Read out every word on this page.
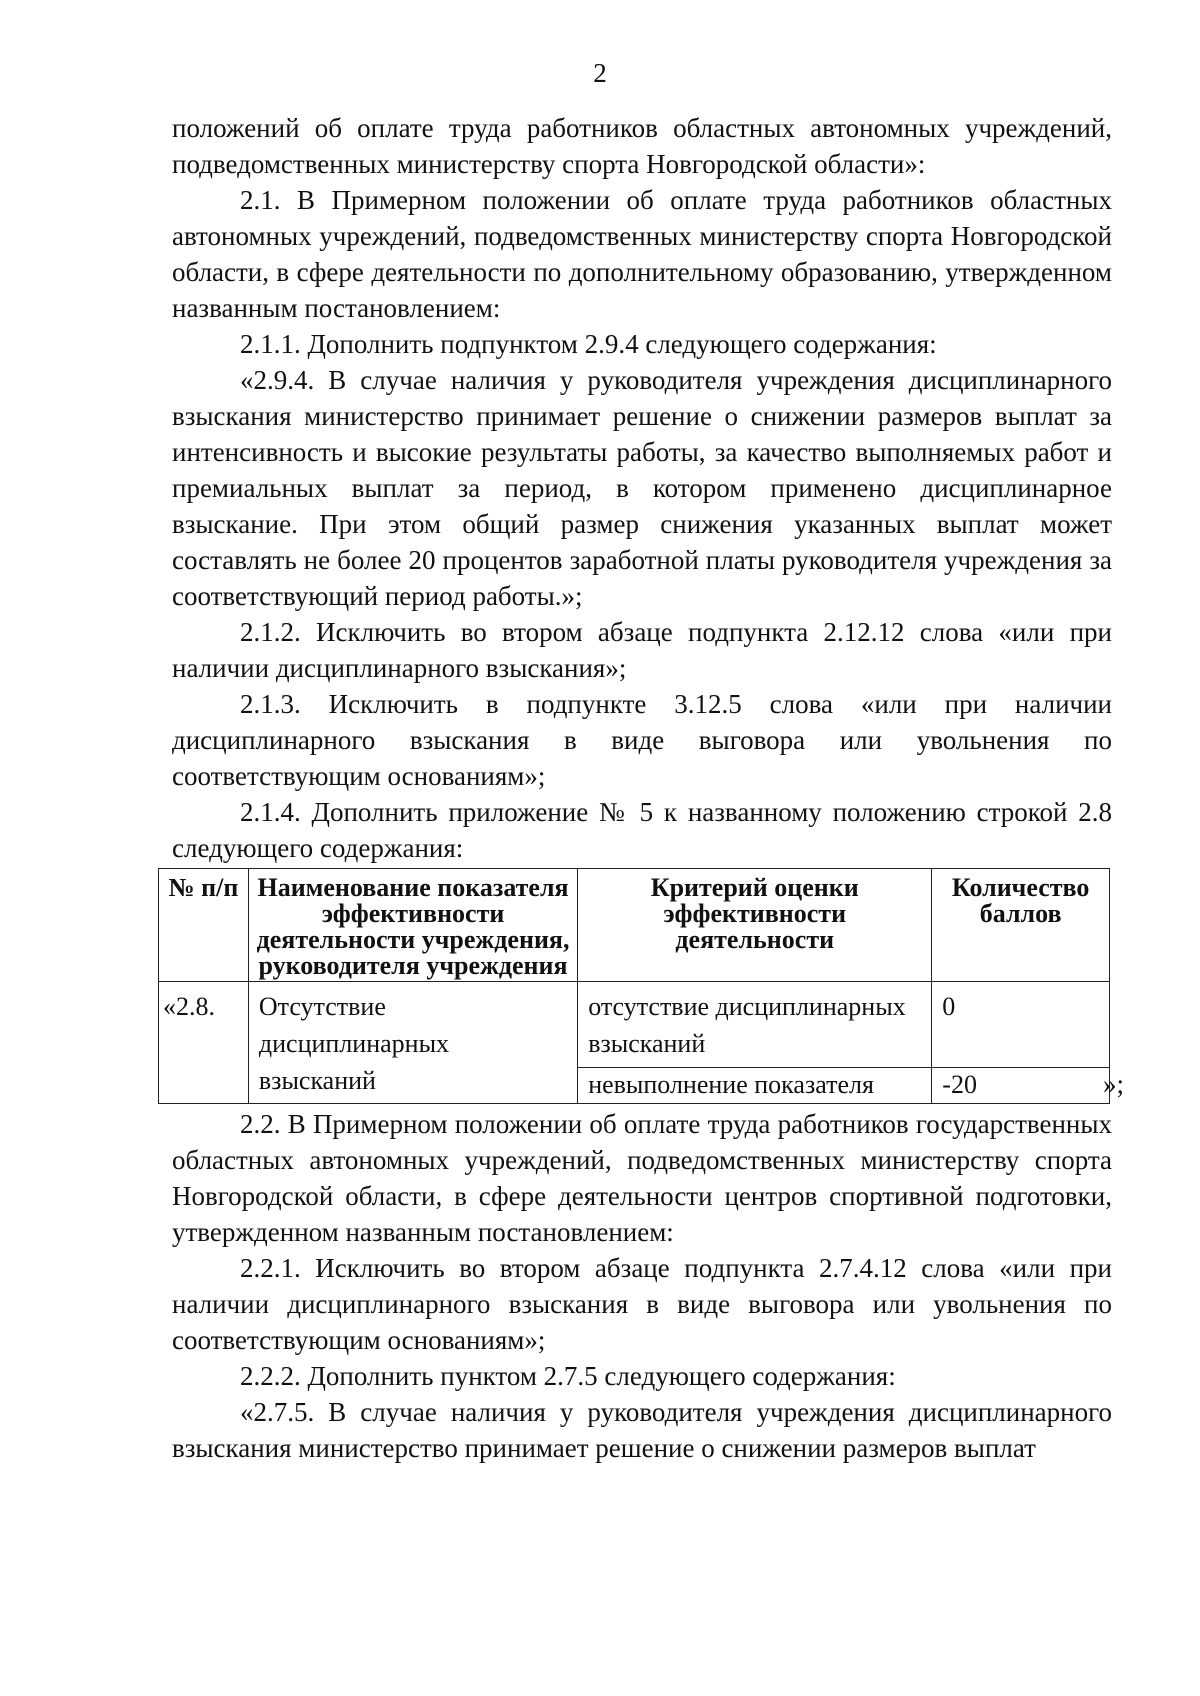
2

положений об оплате труда работников областных автономных учреждений, подведомственных министерству спорта Новгородской области»:

2.1. В Примерном положении об оплате труда работников областных автономных учреждений, подведомственных министерству спорта Новгородской области, в сфере деятельности по дополнительному образованию, утвержденном названным постановлением:

2.1.1. Дополнить подпунктом 2.9.4 следующего содержания:

«2.9.4. В случае наличия у руководителя учреждения дисциплинарного взыскания министерство принимает решение о снижении размеров выплат за интенсивность и высокие результаты работы, за качество выполняемых работ и премиальных выплат за период, в котором применено дисциплинарное взыскание. При этом общий размер снижения указанных выплат может составлять не более 20 процентов заработной платы руководителя учреждения за соответствующий период работы.»;

2.1.2. Исключить во втором абзаце подпункта 2.12.12 слова «или при наличии дисциплинарного взыскания»;

2.1.3. Исключить в подпункте 3.12.5 слова «или при наличии дисциплинарного взыскания в виде выговора или увольнения по соответствующим основаниям»;

2.1.4. Дополнить приложение № 5 к названному положению строкой 2.8 следующего содержания:

№ п/п	Наименование показателя эффективности деятельности учреждения, руководителя учреждения	Критерий оценки эффективности деятельности	Количество баллов
«2.8.	Отсутствие дисциплинарных взысканий	отсутствие дисциплинарных взысканий	0
		невыполнение показателя	-20	»;

2.2. В Примерном положении об оплате труда работников государственных областных автономных учреждений, подведомственных министерству спорта Новгородской области, в сфере деятельности центров спортивной подготовки, утвержденном названным постановлением:

2.2.1. Исключить во втором абзаце подпункта 2.7.4.12 слова «или при наличии дисциплинарного взыскания в виде выговора или увольнения по соответствующим основаниям»;

2.2.2. Дополнить пунктом 2.7.5 следующего содержания:

«2.7.5. В случае наличия у руководителя учреждения дисциплинарного взыскания министерство принимает решение о снижении размеров выплат
